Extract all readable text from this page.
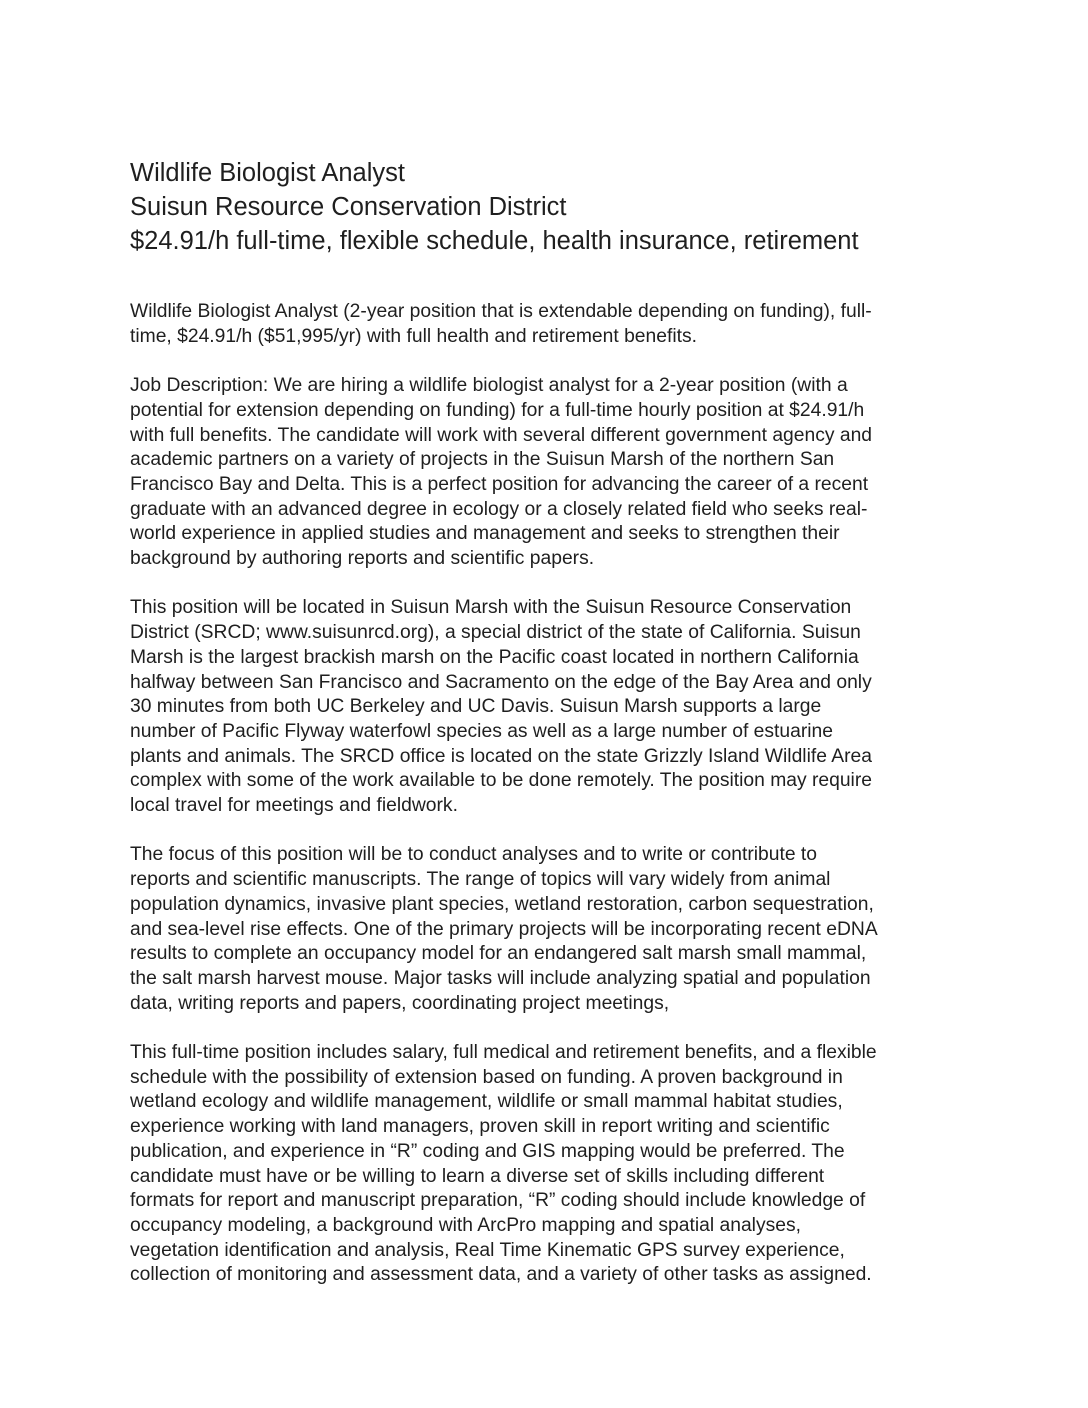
Wildlife Biologist Analyst
Suisun Resource Conservation District
$24.91/h full-time, flexible schedule, health insurance, retirement
Wildlife Biologist Analyst (2-year position that is extendable depending on funding), full-
time, $24.91/h ($51,995/yr) with full health and retirement benefits.
Job Description: We are hiring a wildlife biologist analyst for a 2-year position (with a
potential for extension depending on funding) for a full-time hourly position at $24.91/h
with full benefits. The candidate will work with several different government agency and
academic partners on a variety of projects in the Suisun Marsh of the northern San
Francisco Bay and Delta. This is a perfect position for advancing the career of a recent
graduate with an advanced degree in ecology or a closely related field who seeks real-
world experience in applied studies and management and seeks to strengthen their
background by authoring reports and scientific papers.
This position will be located in Suisun Marsh with the Suisun Resource Conservation
District (SRCD; www.suisunrcd.org), a special district of the state of California. Suisun
Marsh is the largest brackish marsh on the Pacific coast located in northern California
halfway between San Francisco and Sacramento on the edge of the Bay Area and only
30 minutes from both UC Berkeley and UC Davis. Suisun Marsh supports a large
number of Pacific Flyway waterfowl species as well as a large number of estuarine
plants and animals. The SRCD office is located on the state Grizzly Island Wildlife Area
complex with some of the work available to be done remotely. The position may require
local travel for meetings and fieldwork.
The focus of this position will be to conduct analyses and to write or contribute to
reports and scientific manuscripts. The range of topics will vary widely from animal
population dynamics, invasive plant species, wetland restoration, carbon sequestration,
and sea-level rise effects. One of the primary projects will be incorporating recent eDNA
results to complete an occupancy model for an endangered salt marsh small mammal,
the salt marsh harvest mouse. Major tasks will include analyzing spatial and population
data, writing reports and papers, coordinating project meetings,
This full-time position includes salary, full medical and retirement benefits, and a flexible
schedule with the possibility of extension based on funding. A proven background in
wetland ecology and wildlife management, wildlife or small mammal habitat studies,
experience working with land managers, proven skill in report writing and scientific
publication, and experience in “R” coding and GIS mapping would be preferred. The
candidate must have or be willing to learn a diverse set of skills including different
formats for report and manuscript preparation, “R” coding should include knowledge of
occupancy modeling, a background with ArcPro mapping and spatial analyses,
vegetation identification and analysis, Real Time Kinematic GPS survey experience,
collection of monitoring and assessment data, and a variety of other tasks as assigned.
